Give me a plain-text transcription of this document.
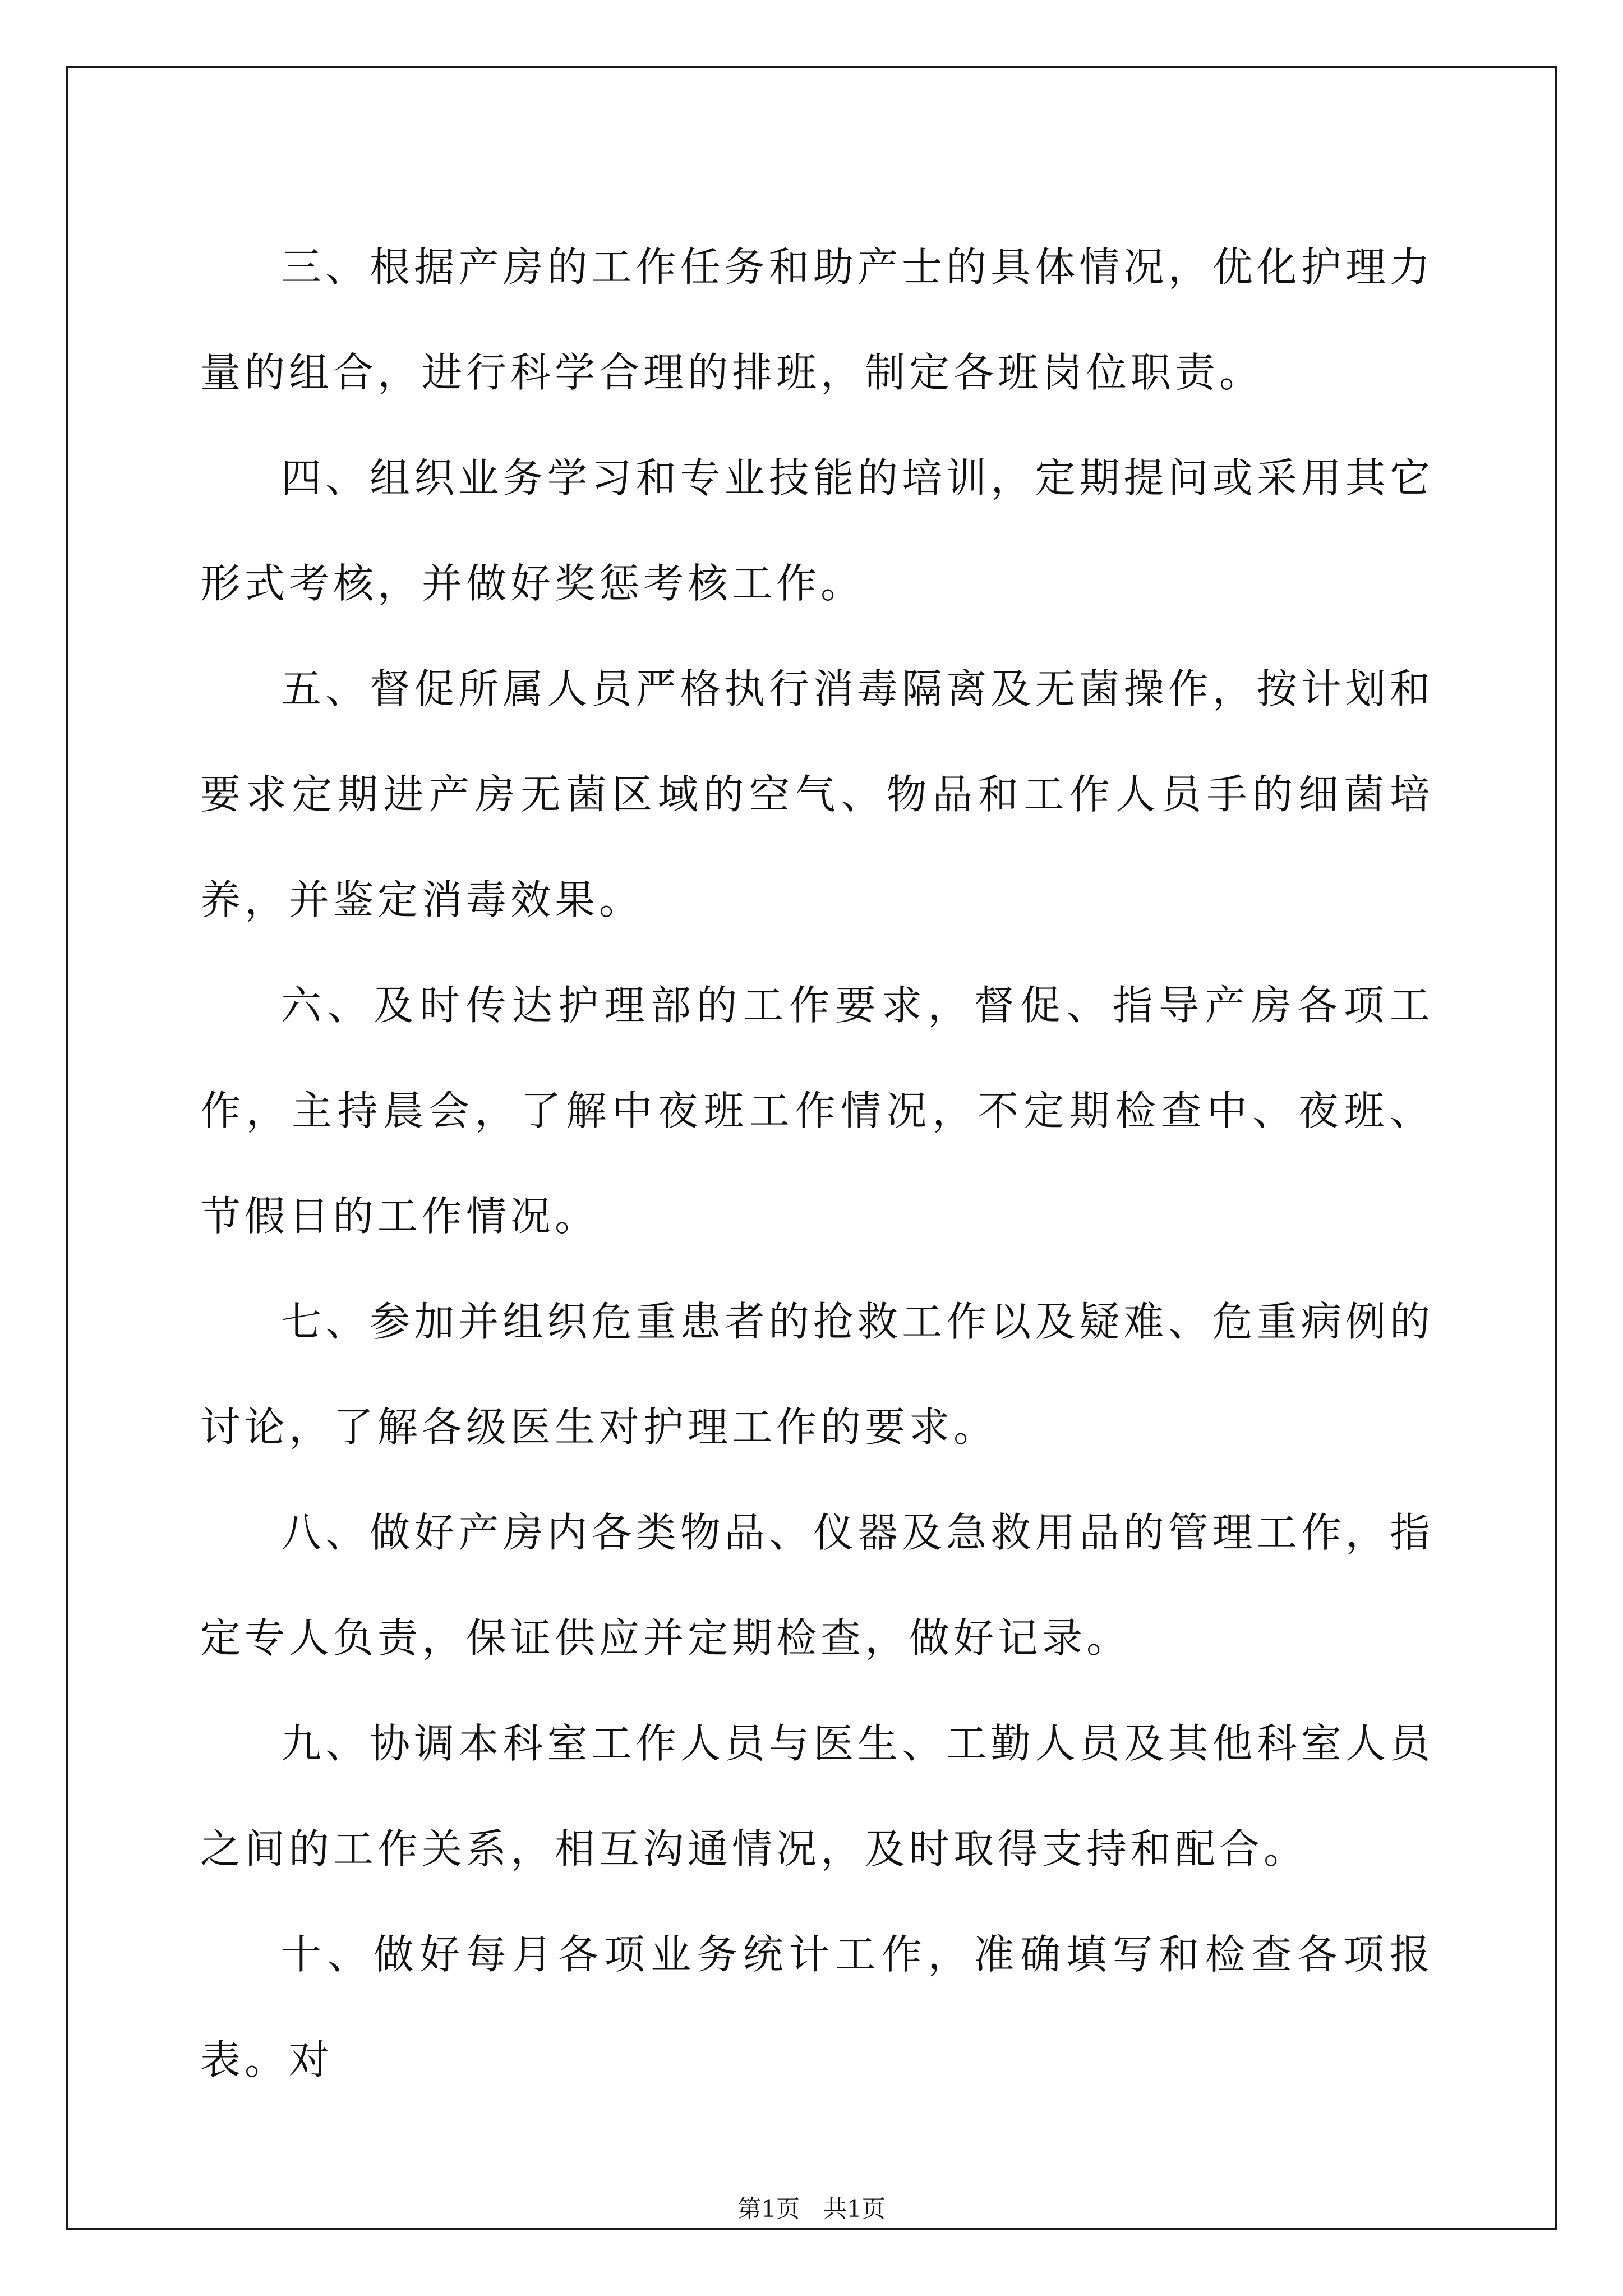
三、根据产房的工作任务和助产士的具体情况，优化护理力量的组合，进行科学合理的排班，制定各班岗位职责。

四、组织业务学习和专业技能的培训，定期提问或采用其它形式考核，并做好奖惩考核工作。

五、督促所属人员严格执行消毒隔离及无菌操作，按计划和要求定期进产房无菌区域的空气、物品和工作人员手的细菌培养，并鉴定消毒效果。

六、及时传达护理部的工作要求，督促、指导产房各项工作，主持晨会，了解中夜班工作情况，不定期检查中、夜班、节假日的工作情况。

七、参加并组织危重患者的抢救工作以及疑难、危重病例的讨论，了解各级医生对护理工作的要求。

八、做好产房内各类物品、仪器及急救用品的管理工作，指定专人负责，保证供应并定期检查，做好记录。

九、协调本科室工作人员与医生、工勤人员及其他科室人员之间的工作关系，相互沟通情况，及时取得支持和配合。

十、做好每月各项业务统计工作，准确填写和检查各项报表。对

第1页　共1页
